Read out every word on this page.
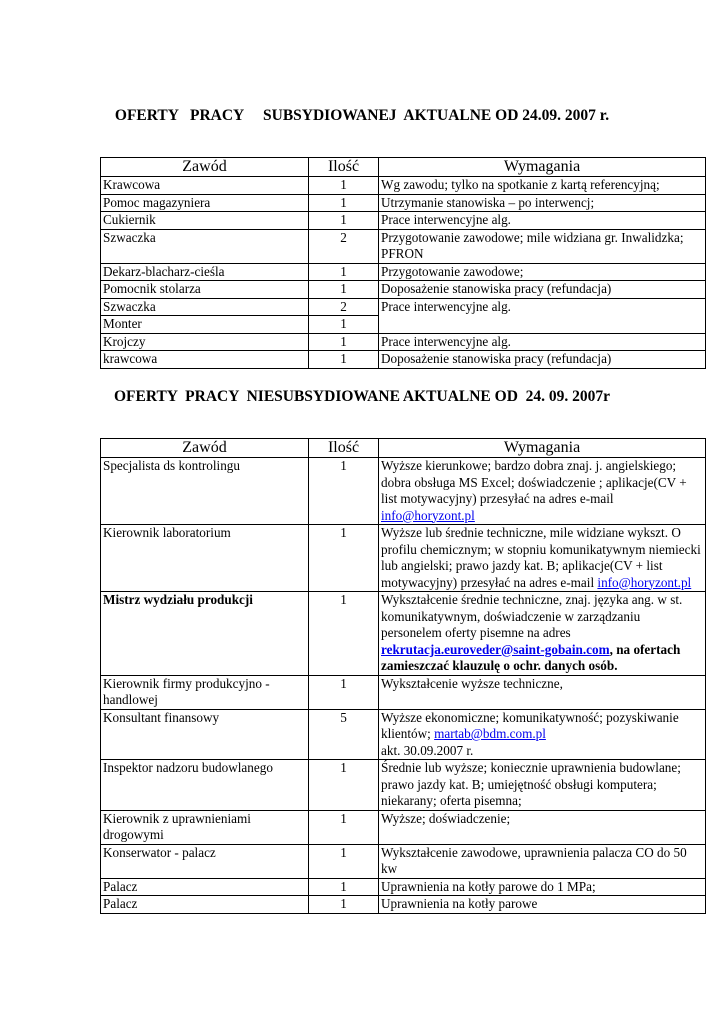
OFERTY   PRACY     SUBSYDIOWANEJ  AKTUALNE OD 24.09. 2007 r.
Zawód	Ilość	Wymagania
Krawcowa	1	Wg zawodu; tylko na spotkanie z kartą referencyjną;
Pomoc magazyniera	1	Utrzymanie stanowiska – po interwencj;
Cukiernik	1	Prace interwencyjne alg.
Szwaczka	2	Przygotowanie zawodowe; mile widziana gr. Inwalidzka; PFRON
Dekarz-blacharz-cieśla	1	Przygotowanie zawodowe;
Pomocnik stolarza	1	Doposażenie stanowiska pracy (refundacja)
Szwaczka	2	Prace interwencyjne alg.
Monter	1	
Krojczy	1	Prace interwencyjne alg.
krawcowa	1	Doposażenie stanowiska pracy (refundacja)
OFERTY  PRACY  NIESUBSYDIOWANE AKTUALNE OD  24. 09. 2007r
Zawód	Ilość	Wymagania
Specjalista ds kontrolingu	1	Wyższe kierunkowe; bardzo dobra znaj. j. angielskiego; dobra obsługa MS Excel; doświadczenie ; aplikacje(CV + list motywacyjny) przesyłać na adres e-mail info@horyzont.pl
Kierownik laboratorium	1	Wyższe lub średnie techniczne, mile widziane wykszt. O profilu chemicznym; w stopniu komunikatywnym niemiecki lub angielski; prawo jazdy kat. B; aplikacje(CV + list motywacyjny) przesyłać na adres e-mail info@horyzont.pl
Mistrz wydziału produkcji	1	Wykształcenie średnie techniczne, znaj. języka ang. w st. komunikatywnym, doświadczenie w zarządzaniu personelem oferty pisemne na adres rekrutacja.euroveder@saint-gobain.com, na ofertach zamieszczać klauzulę o ochr. danych osób.
Kierownik firmy produkcyjno - handlowej	1	Wykształcenie wyższe techniczne,
Konsultant finansowy	5	Wyższe ekonomiczne; komunikatywność; pozyskiwanie klientów; martab@bdm.com.pl
akt. 30.09.2007 r.
Inspektor nadzoru budowlanego	1	Średnie lub wyższe; koniecznie uprawnienia budowlane; prawo jazdy kat. B; umiejętność obsługi komputera; niekarany; oferta pisemna;
Kierownik z uprawnieniami drogowymi	1	Wyższe; doświadczenie;
Konserwator - palacz	1	Wykształcenie zawodowe, uprawnienia palacza CO do 50 kw
Palacz	1	Uprawnienia na kotły parowe do 1 MPa;
Palacz	1	Uprawnienia na kotły parowe
